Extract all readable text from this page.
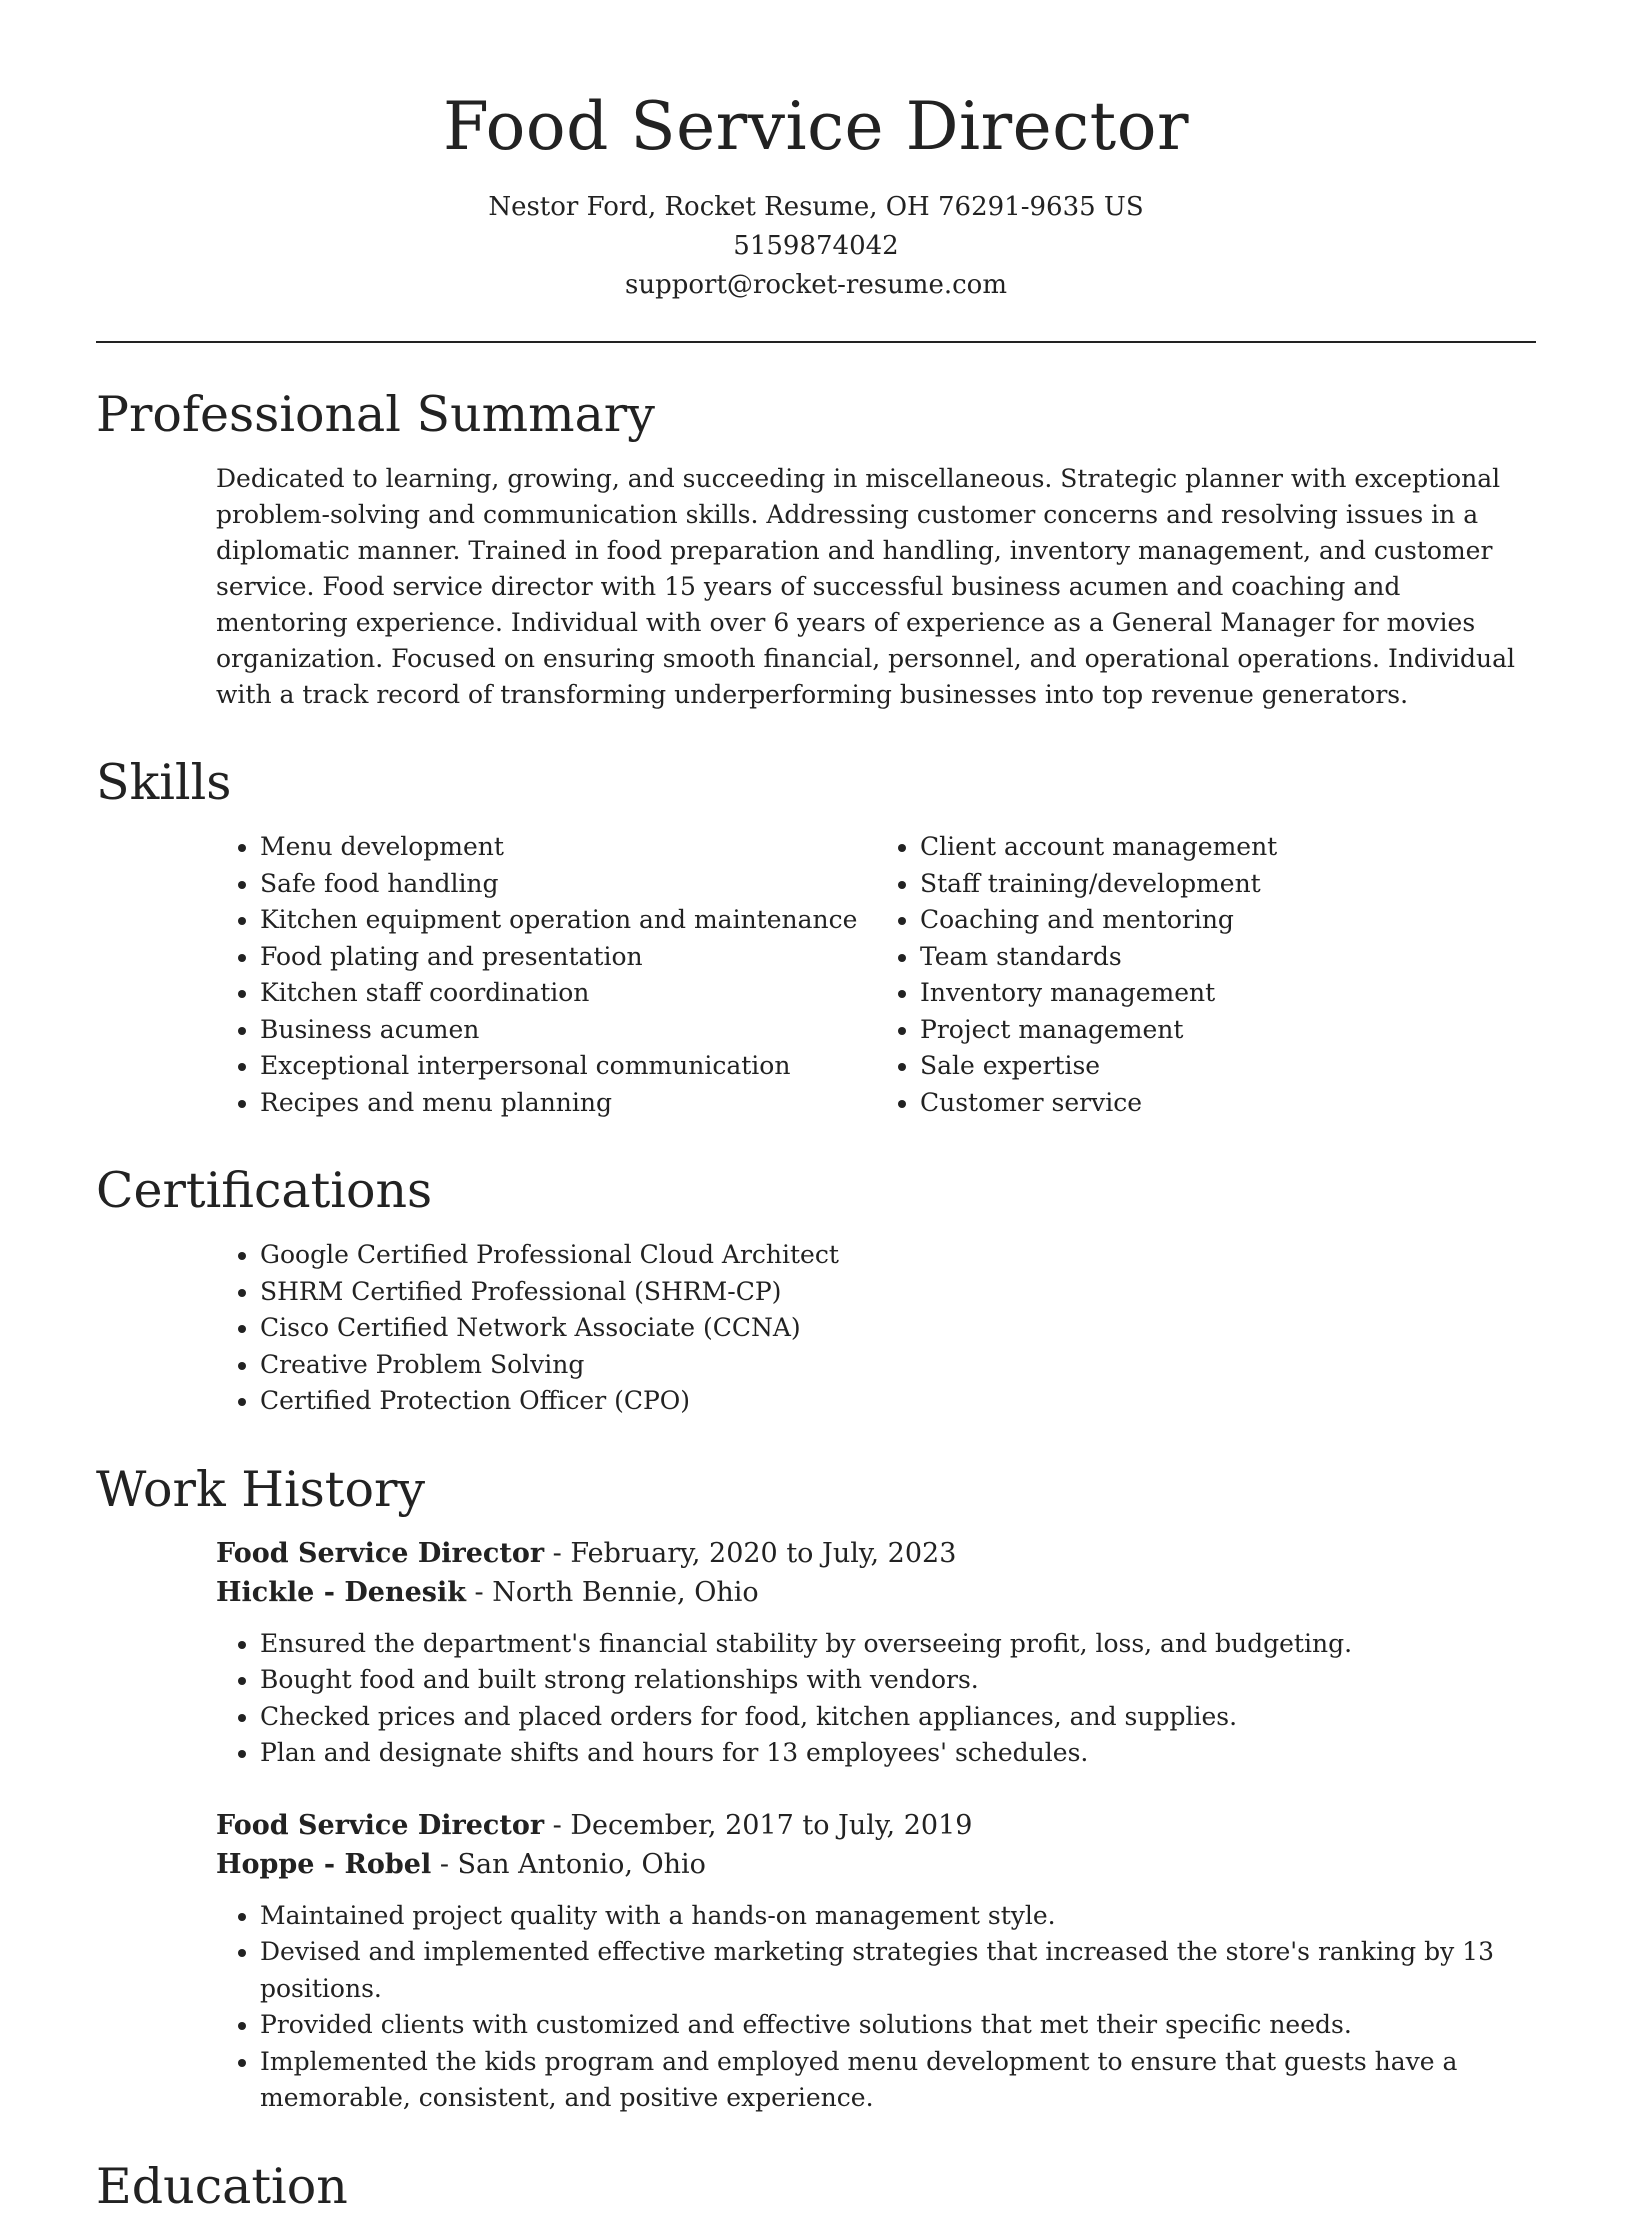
Food Service Director
Nestor Ford, Rocket Resume, OH 76291-9635 US
5159874042
support@rocket-resume.com
Professional Summary

Dedicated to learning, growing, and succeeding in miscellaneous. Strategic planner with exceptional problem-solving and communication skills. Addressing customer concerns and resolving issues in a diplomatic manner. Trained in food preparation and handling, inventory management, and customer service. Food service director with 15 years of successful business acumen and coaching and mentoring experience. Individual with over 6 years of experience as a General Manager for movies organization. Focused on ensuring smooth financial, personnel, and operational operations. Individual with a track record of transforming underperforming businesses into top revenue generators.

Skills
• Menu development
• Safe food handling
• Kitchen equipment operation and maintenance
• Food plating and presentation
• Kitchen staff coordination
• Business acumen
• Exceptional interpersonal communication
• Recipes and menu planning
• Client account management
• Staff training/development
• Coaching and mentoring
• Team standards
• Inventory management
• Project management
• Sale expertise
• Customer service
Certifications
• Google Certified Professional Cloud Architect
• SHRM Certified Professional (SHRM-CP)
• Cisco Certified Network Associate (CCNA)
• Creative Problem Solving
• Certified Protection Officer (CPO)
Work History
Food Service Director - February, 2020 to July, 2023
Hickle - Denesik - North Bennie, Ohio
• Ensured the department's financial stability by overseeing profit, loss, and budgeting.
• Bought food and built strong relationships with vendors.
• Checked prices and placed orders for food, kitchen appliances, and supplies.
• Plan and designate shifts and hours for 13 employees' schedules.
Food Service Director - December, 2017 to July, 2019
Hoppe - Robel - San Antonio, Ohio
• Maintained project quality with a hands-on management style.
• Devised and implemented effective marketing strategies that increased the store's ranking by 13 positions.
• Provided clients with customized and effective solutions that met their specific needs.
• Implemented the kids program and employed menu development to ensure that guests have a memorable, consistent, and positive experience.
Education
